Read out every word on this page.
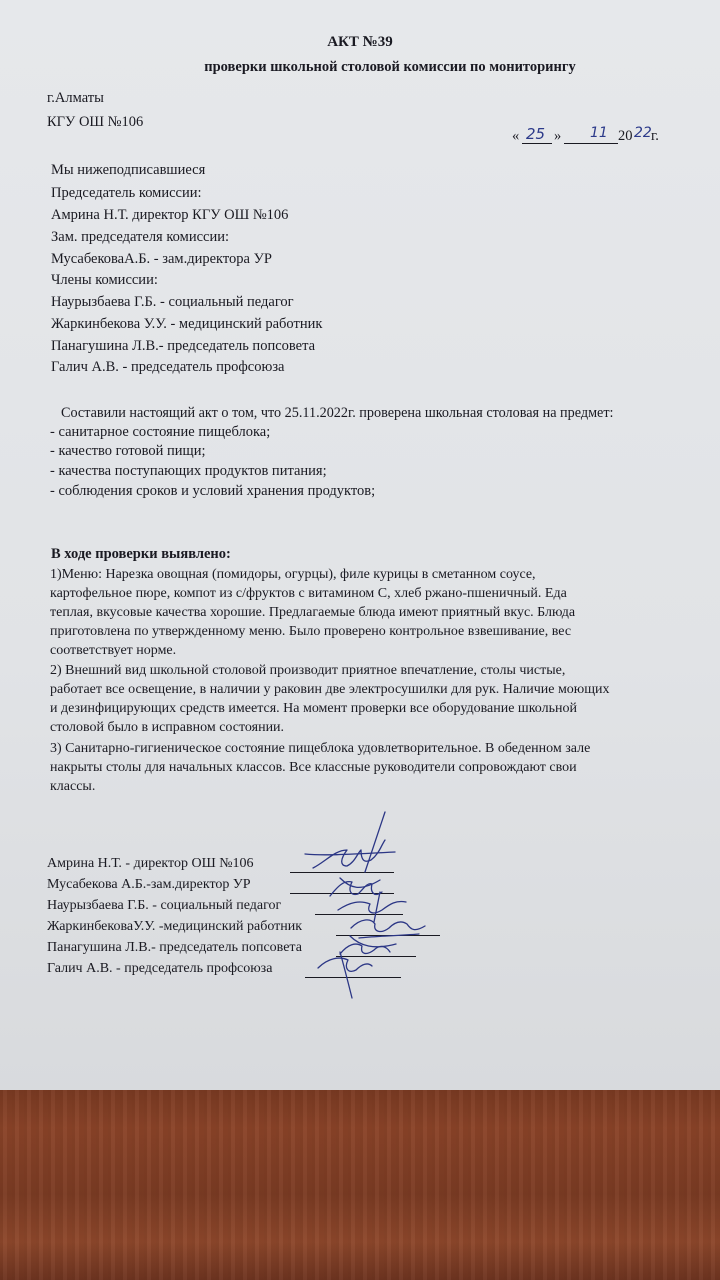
АКТ №39
проверки школьной столовой комиссии по мониторингу
г.Алматы
КГУ ОШ №106
« 25 » 11 20 22 г.
Мы нижеподписавшиеся
Председатель комиссии:
Амрина Н.Т. директор КГУ ОШ №106
Зам. председателя комиссии:
МусабековаА.Б. - зам.директора УР
Члены комиссии:
Наурызбаева Г.Б. - социальный педагог
Жаркинбекова У.У. - медицинский работник
Панагушина Л.В.- председатель попсовета
Галич А.В. - председатель профсоюза
Составили настоящий акт о том, что 25.11.2022г. проверена школьная столовая на предмет:
- санитарное состояние пищеблока;
- качество готовой пищи;
- качества поступающих продуктов питания;
- соблюдения сроков и условий хранения продуктов;
В ходе проверки выявлено:
1)Меню: Нарезка овощная (помидоры, огурцы), филе курицы в сметанном соусе,
картофельное пюре, компот из с/фруктов с витамином С, хлеб ржано-пшеничный. Еда
теплая, вкусовые качества хорошие. Предлагаемые блюда имеют приятный вкус. Блюда
приготовлена по утвержденному меню. Было проверено контрольное взвешивание, вес
соответствует норме.
2) Внешний вид школьной столовой производит приятное впечатление, столы чистые,
работает все освещение, в наличии у раковин две электросушилки для рук. Наличие моющих
и дезинфицирующих средств имеется. На момент проверки все оборудование школьной
столовой было в исправном состоянии.
3) Санитарно-гигиеническое состояние пищеблока удовлетворительное. В обеденном зале
накрыты столы для начальных классов. Все классные руководители сопровождают свои
классы.
Амрина Н.Т. - директор ОШ №106
Мусабекова А.Б.-зам.директор УР
Наурызбаева Г.Б. - социальный педагог
ЖаркинбековаУ.У. -медицинский работник
Панагушина Л.В.- председатель попсовета
Галич А.В. - председатель профсоюза
